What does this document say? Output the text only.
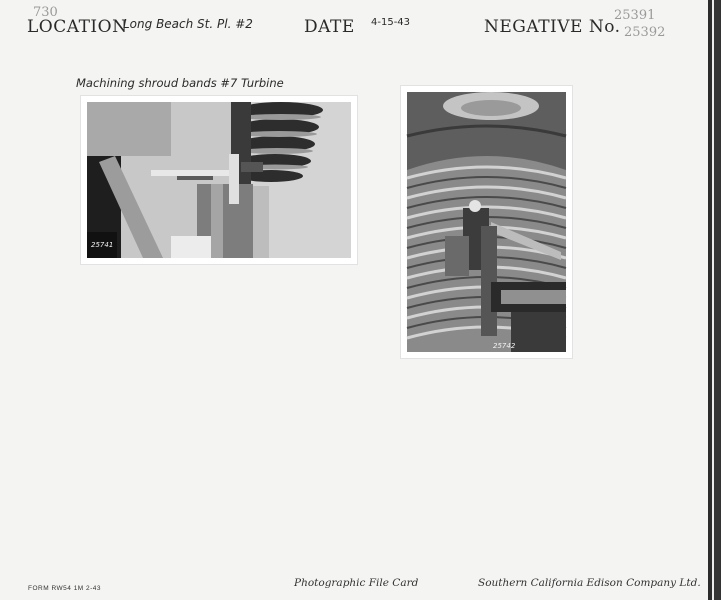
730
LOCATION
Long Beach St. Pl. #2	DATE 4-15-43	NEGATIVE No.
25391
25392
Machining shroud bands #7 Turbine
25741
25742
FORM RW54 1M 2-43	Photographic File Card	Southern California Edison Company Ltd.
